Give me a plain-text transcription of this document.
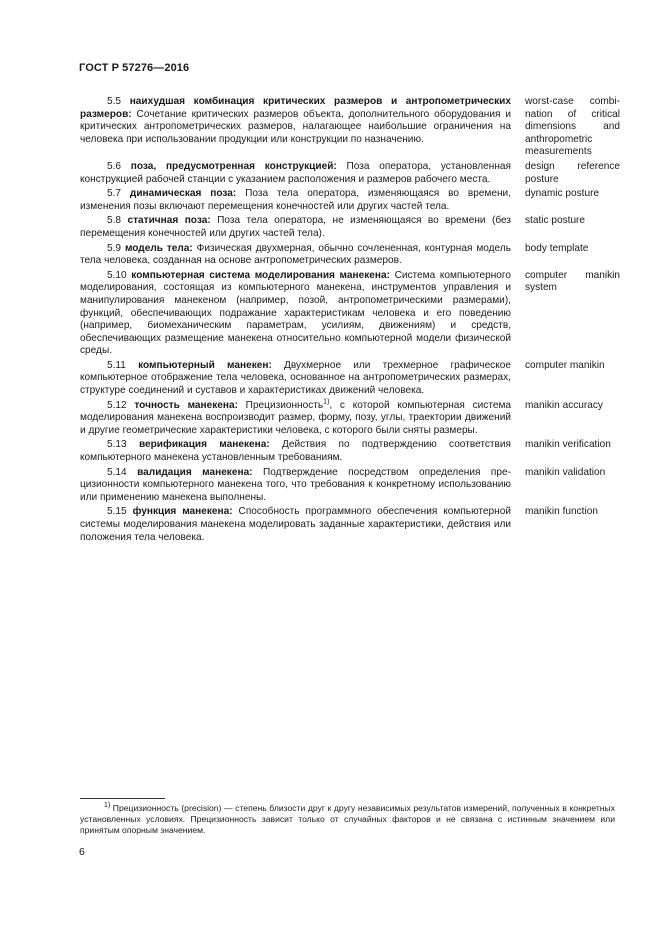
ГОСТ Р 57276—2016
5.5 наихудшая комбинация критических размеров и антропометрических размеров: Сочетание критических размеров объекта, дополнительного оборудования и критических антропометрических размеров, налагающее наибольшие ограничения на человека при использовании продукции или конструкции по назначению.
worst-case combination of critical dimensions and anthropometric measurements
5.6 поза, предусмотренная конструкцией: Поза оператора, установленная конструкцией рабочей станции с указанием расположения и размеров рабочего места.
design reference posture
5.7 динамическая поза: Поза тела оператора, изменяющаяся во времени, изменения позы включают перемещения конечностей или других частей тела.
dynamic posture
5.8 статичная поза: Поза тела оператора, не изменяющаяся во времени (без перемещения конечностей или других частей тела).
static posture
5.9 модель тела: Физическая двухмерная, обычно сочлененная, контурная модель тела человека, созданная на основе антропометрических размеров.
body template
5.10 компьютерная система моделирования манекена: Система компьютерного моделирования, состоящая из компьютерного манекена, инструментов управления и манипулирования манекеном (например, позой, антропометрическими размерами), функций, обеспечивающих подражание характеристикам человека и его поведению (например, биомеханическим параметрам, усилиям, движениям) и средств, обеспечивающих размещение манекена относительно компьютерной модели физической среды.
computer manikin system
5.11 компьютерный манекен: Двухмерное или трехмерное графическое компьютерное отображение тела человека, основанное на антропометрических размерах, структуре соединений и суставов и характеристиках движений человека.
computer manikin
5.12 точность манекена: Прецизионность$^{1)}$, с которой компьютерная система моделирования манекена воспроизводит размер, форму, позу, углы, траектории движений и другие геометрические характеристики человека, с которого были сняты размеры.
manikin accuracy
5.13 верификация манекена: Действия по подтверждению соответствия компьютерного манекена установленным требованиям.
manikin verification
5.14 валидация манекена: Подтверждение посредством определения прецизионности компьютерного манекена того, что требования к конкретному использованию или применению манекена выполнены.
manikin validation
5.15 функция манекена: Способность программного обеспечения компьютерной системы моделирования манекена моделировать заданные характеристики, действия или положения тела человека.
manikin function
$^{1)}$ Прецизионность (precision) — степень близости друг к другу независимых результатов измерений, полученных в конкретных установленных условиях. Прецизионность зависит только от случайных факторов и не связана с истинным значением или принятым опорным значением.
6
